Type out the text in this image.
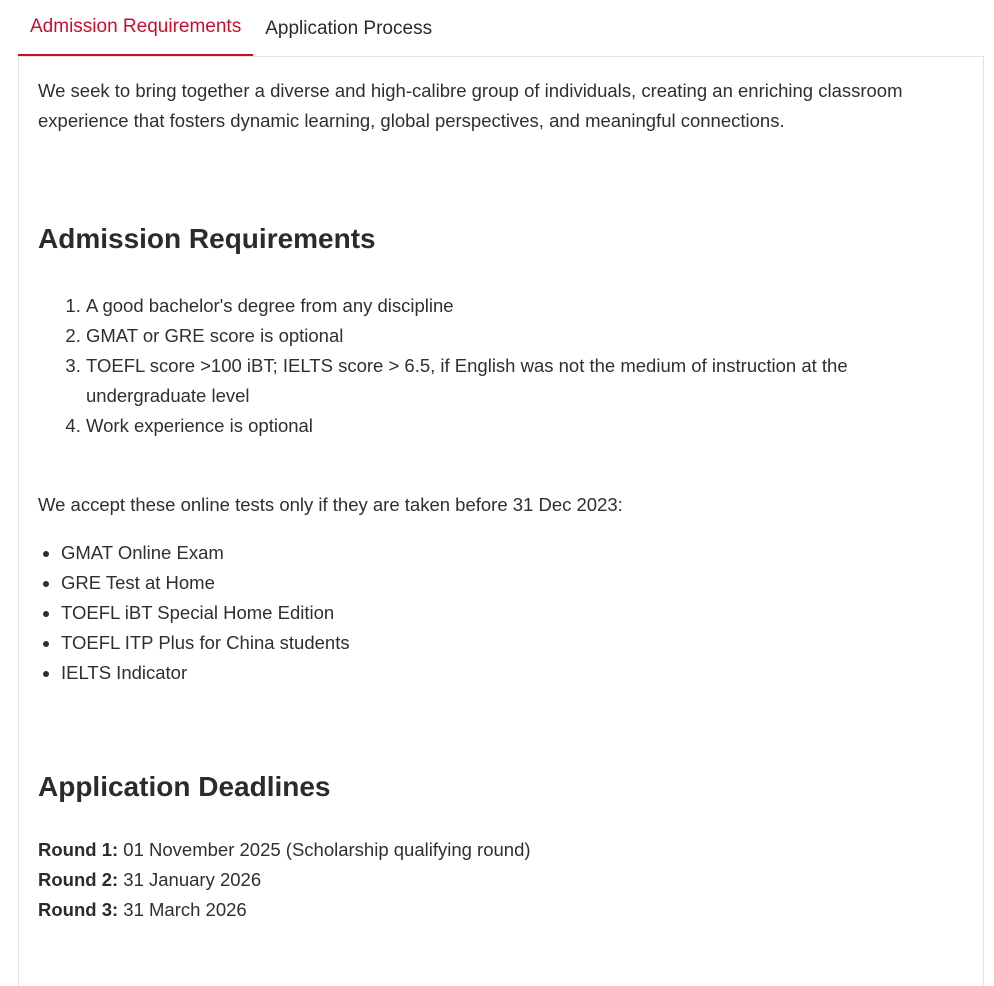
Admission Requirements	Application Process

We seek to bring together a diverse and high-calibre group of individuals, creating an enriching classroom experience that fosters dynamic learning, global perspectives, and meaningful connections.

Admission Requirements
1. A good bachelor's degree from any discipline
2. GMAT or GRE score is optional
3. TOEFL score >100 iBT; IELTS score > 6.5, if English was not the medium of instruction at the undergraduate level
4. Work experience is optional

We accept these online tests only if they are taken before 31 Dec 2023:

• GMAT Online Exam
• GRE Test at Home
• TOEFL iBT Special Home Edition
• TOEFL ITP Plus for China students
• IELTS Indicator
Application Deadlines
Round 1: 01 November 2025 (Scholarship qualifying round)
Round 2: 31 January 2026
Round 3: 31 March 2026
